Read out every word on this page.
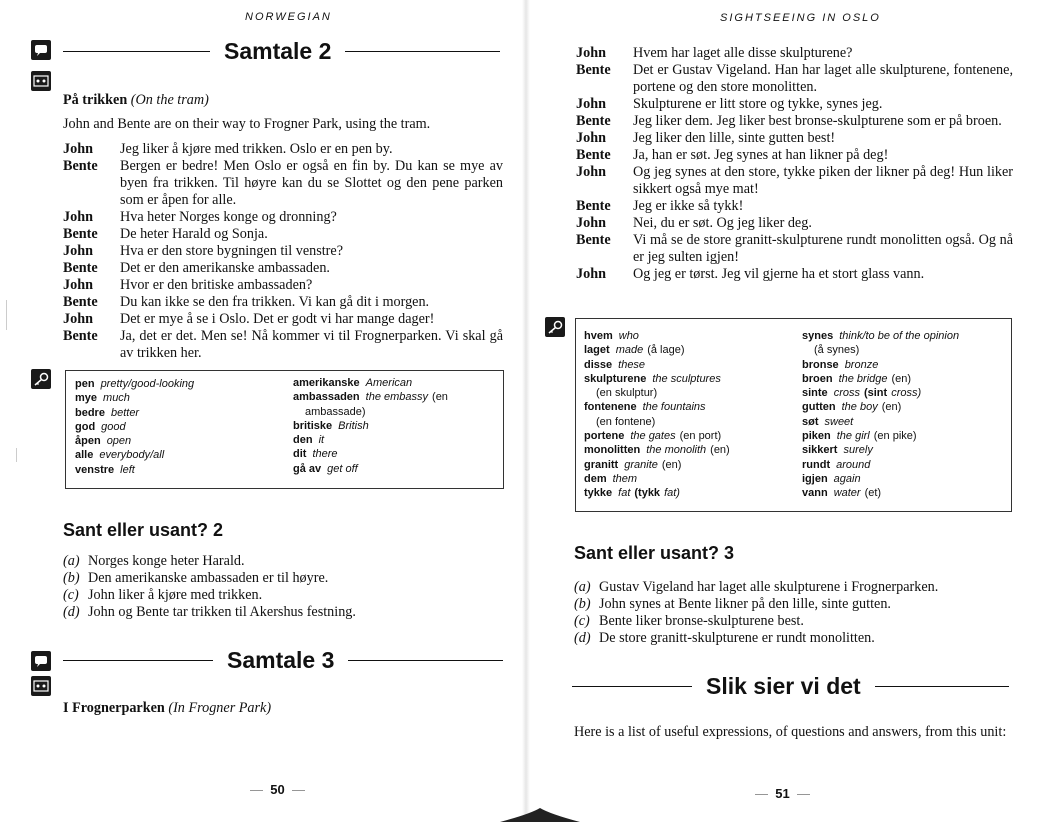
NORWEGIAN
Samtale 2
På trikken (On the tram)
John and Bente are on their way to Frogner Park, using the tram.
John	Jeg liker å kjøre med trikken. Oslo er en pen by.
Bente	Bergen er bedre! Men Oslo er også en fin by. Du kan se mye av byen fra trikken. Til høyre kan du se Slottet og den pene parken som er åpen for alle.
John	Hva heter Norges konge og dronning?
Bente	De heter Harald og Sonja.
John	Hva er den store bygningen til venstre?
Bente	Det er den amerikanske ambassaden.
John	Hvor er den britiske ambassaden?
Bente	Du kan ikke se den fra trikken. Vi kan gå dit i morgen.
John	Det er mye å se i Oslo. Det er godt vi har mange dager!
Bente	Ja, det er det. Men se! Nå kommer vi til Frognerparken. Vi skal gå av trikken her.
pen pretty/good-looking
mye much
bedre better
god good
åpen open
alle everybody/all
venstre left
amerikanske American
ambassaden the embassy (en
ambassade)
britiske British
den it
dit there
gå av get off
Sant eller usant? 2
(a) Norges konge heter Harald.
(b) Den amerikanske ambassaden er til høyre.
(c) John liker å kjøre med trikken.
(d) John og Bente tar trikken til Akershus festning.
Samtale 3
I Frognerparken (In Frogner Park)
— 50 —
SIGHTSEEING IN OSLO
John	Hvem har laget alle disse skulpturene?
Bente	Det er Gustav Vigeland. Han har laget alle skulpturene, fontenene, portene og den store monolitten.
John	Skulpturene er litt store og tykke, synes jeg.
Bente	Jeg liker dem. Jeg liker best bronse-skulpturene som er på broen.
John	Jeg liker den lille, sinte gutten best!
Bente	Ja, han er søt. Jeg synes at han likner på deg!
John	Og jeg synes at den store, tykke piken der likner på deg! Hun liker sikkert også mye mat!
Bente	Jeg er ikke så tykk!
John	Nei, du er søt. Og jeg liker deg.
Bente	Vi må se de store granitt-skulpturene rundt monolitten også. Og nå er jeg sulten igjen!
John	Og jeg er tørst. Jeg vil gjerne ha et stort glass vann.
hvem who
laget made (å lage)
disse these
skulpturene the sculptures
(en skulptur)
fontenene the fountains
(en fontene)
portene the gates (en port)
monolitten the monolith (en)
granitt granite (en)
dem them
tykke fat (tykk fat)
synes think/to be of the opinion
(å synes)
bronse bronze
broen the bridge (en)
sinte cross (sint cross)
gutten the boy (en)
søt sweet
piken the girl (en pike)
sikkert surely
rundt around
igjen again
vann water (et)
Sant eller usant? 3
(a) Gustav Vigeland har laget alle skulpturene i Frognerparken.
(b) John synes at Bente likner på den lille, sinte gutten.
(c) Bente liker bronse-skulpturene best.
(d) De store granitt-skulpturene er rundt monolitten.
Slik sier vi det
Here is a list of useful expressions, of questions and answers, from this unit:
— 51 —
